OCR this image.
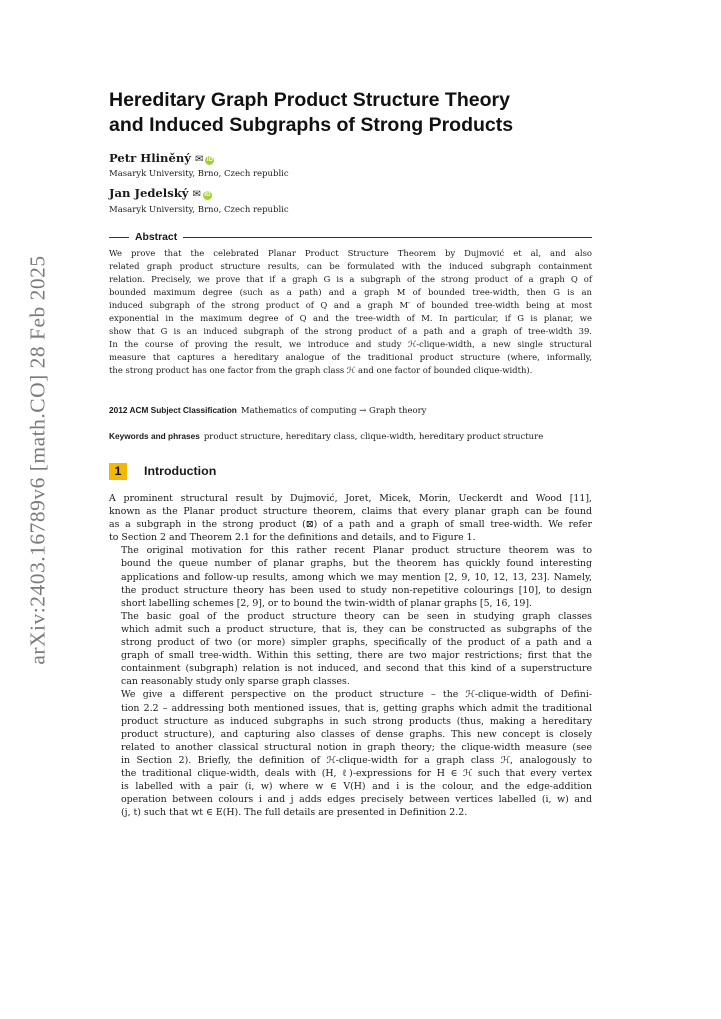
arXiv:2403.16789v6 [math.CO] 28 Feb 2025
Hereditary Graph Product Structure Theory
and Induced Subgraphs of Strong Products
Petr Hliněný ✉ iD
Masaryk University, Brno, Czech republic
Jan Jedelský ✉ iD
Masaryk University, Brno, Czech republic
Abstract
We prove that the celebrated Planar Product Structure Theorem by Dujmović et al, and also
related graph product structure results, can be formulated with the induced subgraph containment
relation. Precisely, we prove that if a graph G is a subgraph of the strong product of a graph Q of
bounded maximum degree (such as a path) and a graph M of bounded tree-width, then G is an
induced subgraph of the strong product of Q and a graph M′ of bounded tree-width being at most
exponential in the maximum degree of Q and the tree-width of M. In particular, if G is planar, we
show that G is an induced subgraph of the strong product of a path and a graph of tree-width 39.
In the course of proving the result, we introduce and study ℋ-clique-width, a new single structural
measure that captures a hereditary analogue of the traditional product structure (where, informally,
the strong product has one factor from the graph class ℋ and one factor of bounded clique-width).
2012 ACM Subject Classification Mathematics of computing → Graph theory
Keywords and phrases product structure, hereditary class, clique-width, hereditary product structure
1	Introduction

A prominent structural result by Dujmović, Joret, Micek, Morin, Ueckerdt and Wood [11],
known as the Planar product structure theorem, claims that every planar graph can be found
as a subgraph in the strong product (⊠) of a path and a graph of small tree-width. We refer
to Section 2 and Theorem 2.1 for the definitions and details, and to Figure 1.

The original motivation for this rather recent Planar product structure theorem was to
bound the queue number of planar graphs, but the theorem has quickly found interesting
applications and follow-up results, among which we may mention [2, 9, 10, 12, 13, 23]. Namely,
the product structure theory has been used to study non-repetitive colourings [10], to design
short labelling schemes [2, 9], or to bound the twin-width of planar graphs [5, 16, 19].

The basic goal of the product structure theory can be seen in studying graph classes
which admit such a product structure, that is, they can be constructed as subgraphs of the
strong product of two (or more) simpler graphs, specifically of the product of a path and a
graph of small tree-width. Within this setting, there are two major restrictions; first that the
containment (subgraph) relation is not induced, and second that this kind of a superstructure
can reasonably study only sparse graph classes.

We give a different perspective on the product structure – the ℋ-clique-width of Defini-
tion 2.2 – addressing both mentioned issues, that is, getting graphs which admit the traditional
product structure as induced subgraphs in such strong products (thus, making a hereditary
product structure), and capturing also classes of dense graphs. This new concept is closely
related to another classical structural notion in graph theory; the clique-width measure (see
in Section 2). Briefly, the definition of ℋ-clique-width for a graph class ℋ, analogously to
the traditional clique-width, deals with (H, ℓ)-expressions for H ∈ ℋ such that every vertex
is labelled with a pair (i, w) where w ∈ V(H) and i is the colour, and the edge-addition
operation between colours i and j adds edges precisely between vertices labelled (i, w) and
(j, t) such that wt ∈ E(H). The full details are presented in Definition 2.2.
